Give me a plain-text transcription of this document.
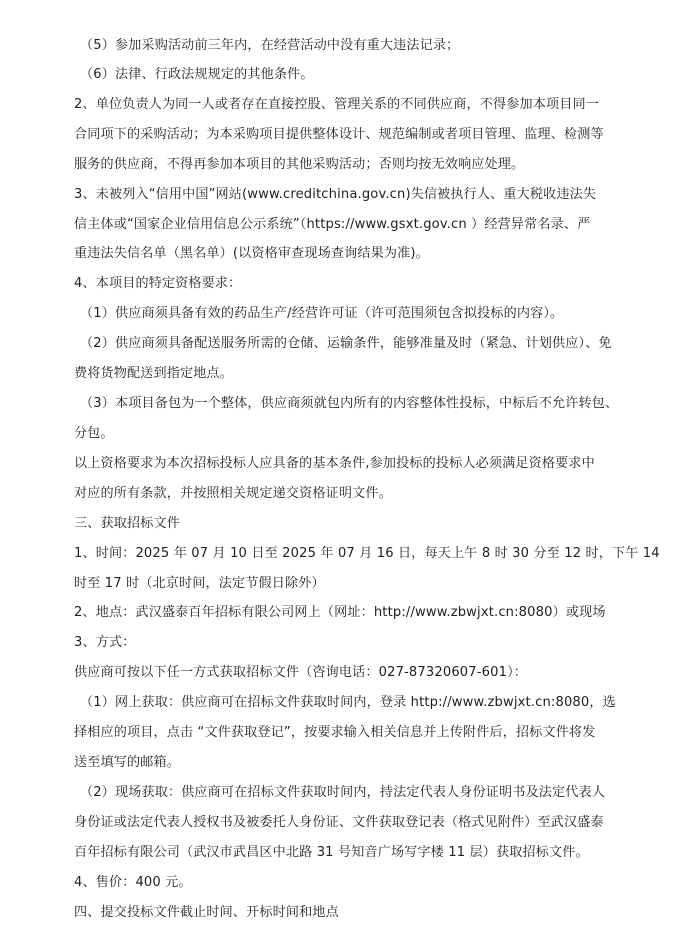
（5）参加采购活动前三年内，在经营活动中没有重大违法记录；
（6）法律、行政法规规定的其他条件。
2、单位负责人为同一人或者存在直接控股、管理关系的不同供应商，不得参加本项目同一
合同项下的采购活动；为本采购项目提供整体设计、规范编制或者项目管理、监理、检测等
服务的供应商，不得再参加本项目的其他采购活动；否则均按无效响应处理。
3、未被列入“信用中国”网站(www.creditchina.gov.cn)失信被执行人、重大税收违法失
信主体或“国家企业信用信息公示系统”（https://www.gsxt.gov.cn ）经营异常名录、严
重违法失信名单（黑名单）(以资格审查现场查询结果为准)。
4、本项目的特定资格要求：
（1）供应商须具备有效的药品生产/经营许可证（许可范围须包含拟投标的内容）。
（2）供应商须具备配送服务所需的仓储、运输条件，能够准量及时（紧急、计划供应）、免
费将货物配送到指定地点。
（3）本项目备包为一个整体，供应商须就包内所有的内容整体性投标，中标后不允许转包、
分包。
以上资格要求为本次招标投标人应具备的基本条件,参加投标的投标人必须满足资格要求中
对应的所有条款，并按照相关规定递交资格证明文件。
三、获取招标文件
1、时间：2025 年 07 月 10 日至 2025 年 07 月 16 日，每天上午 8 时 30 分至 12 时，下午 14
时至 17 时（北京时间，法定节假日除外）
2、地点：武汉盛泰百年招标有限公司网上（网址：http://www.zbwjxt.cn:8080）或现场
3、方式：
供应商可按以下任一方式获取招标文件（咨询电话：027-87320607-601）：
（1）网上获取：供应商可在招标文件获取时间内，登录 http://www.zbwjxt.cn:8080，选
择相应的项目，点击 “文件获取登记”，按要求输入相关信息并上传附件后，招标文件将发
送至填写的邮箱。
（2）现场获取：供应商可在招标文件获取时间内，持法定代表人身份证明书及法定代表人
身份证或法定代表人授权书及被委托人身份证、文件获取登记表（格式见附件）至武汉盛泰
百年招标有限公司（武汉市武昌区中北路 31 号知音广场写字楼 11 层）获取招标文件。
4、售价：400 元。
四、提交投标文件截止时间、开标时间和地点
